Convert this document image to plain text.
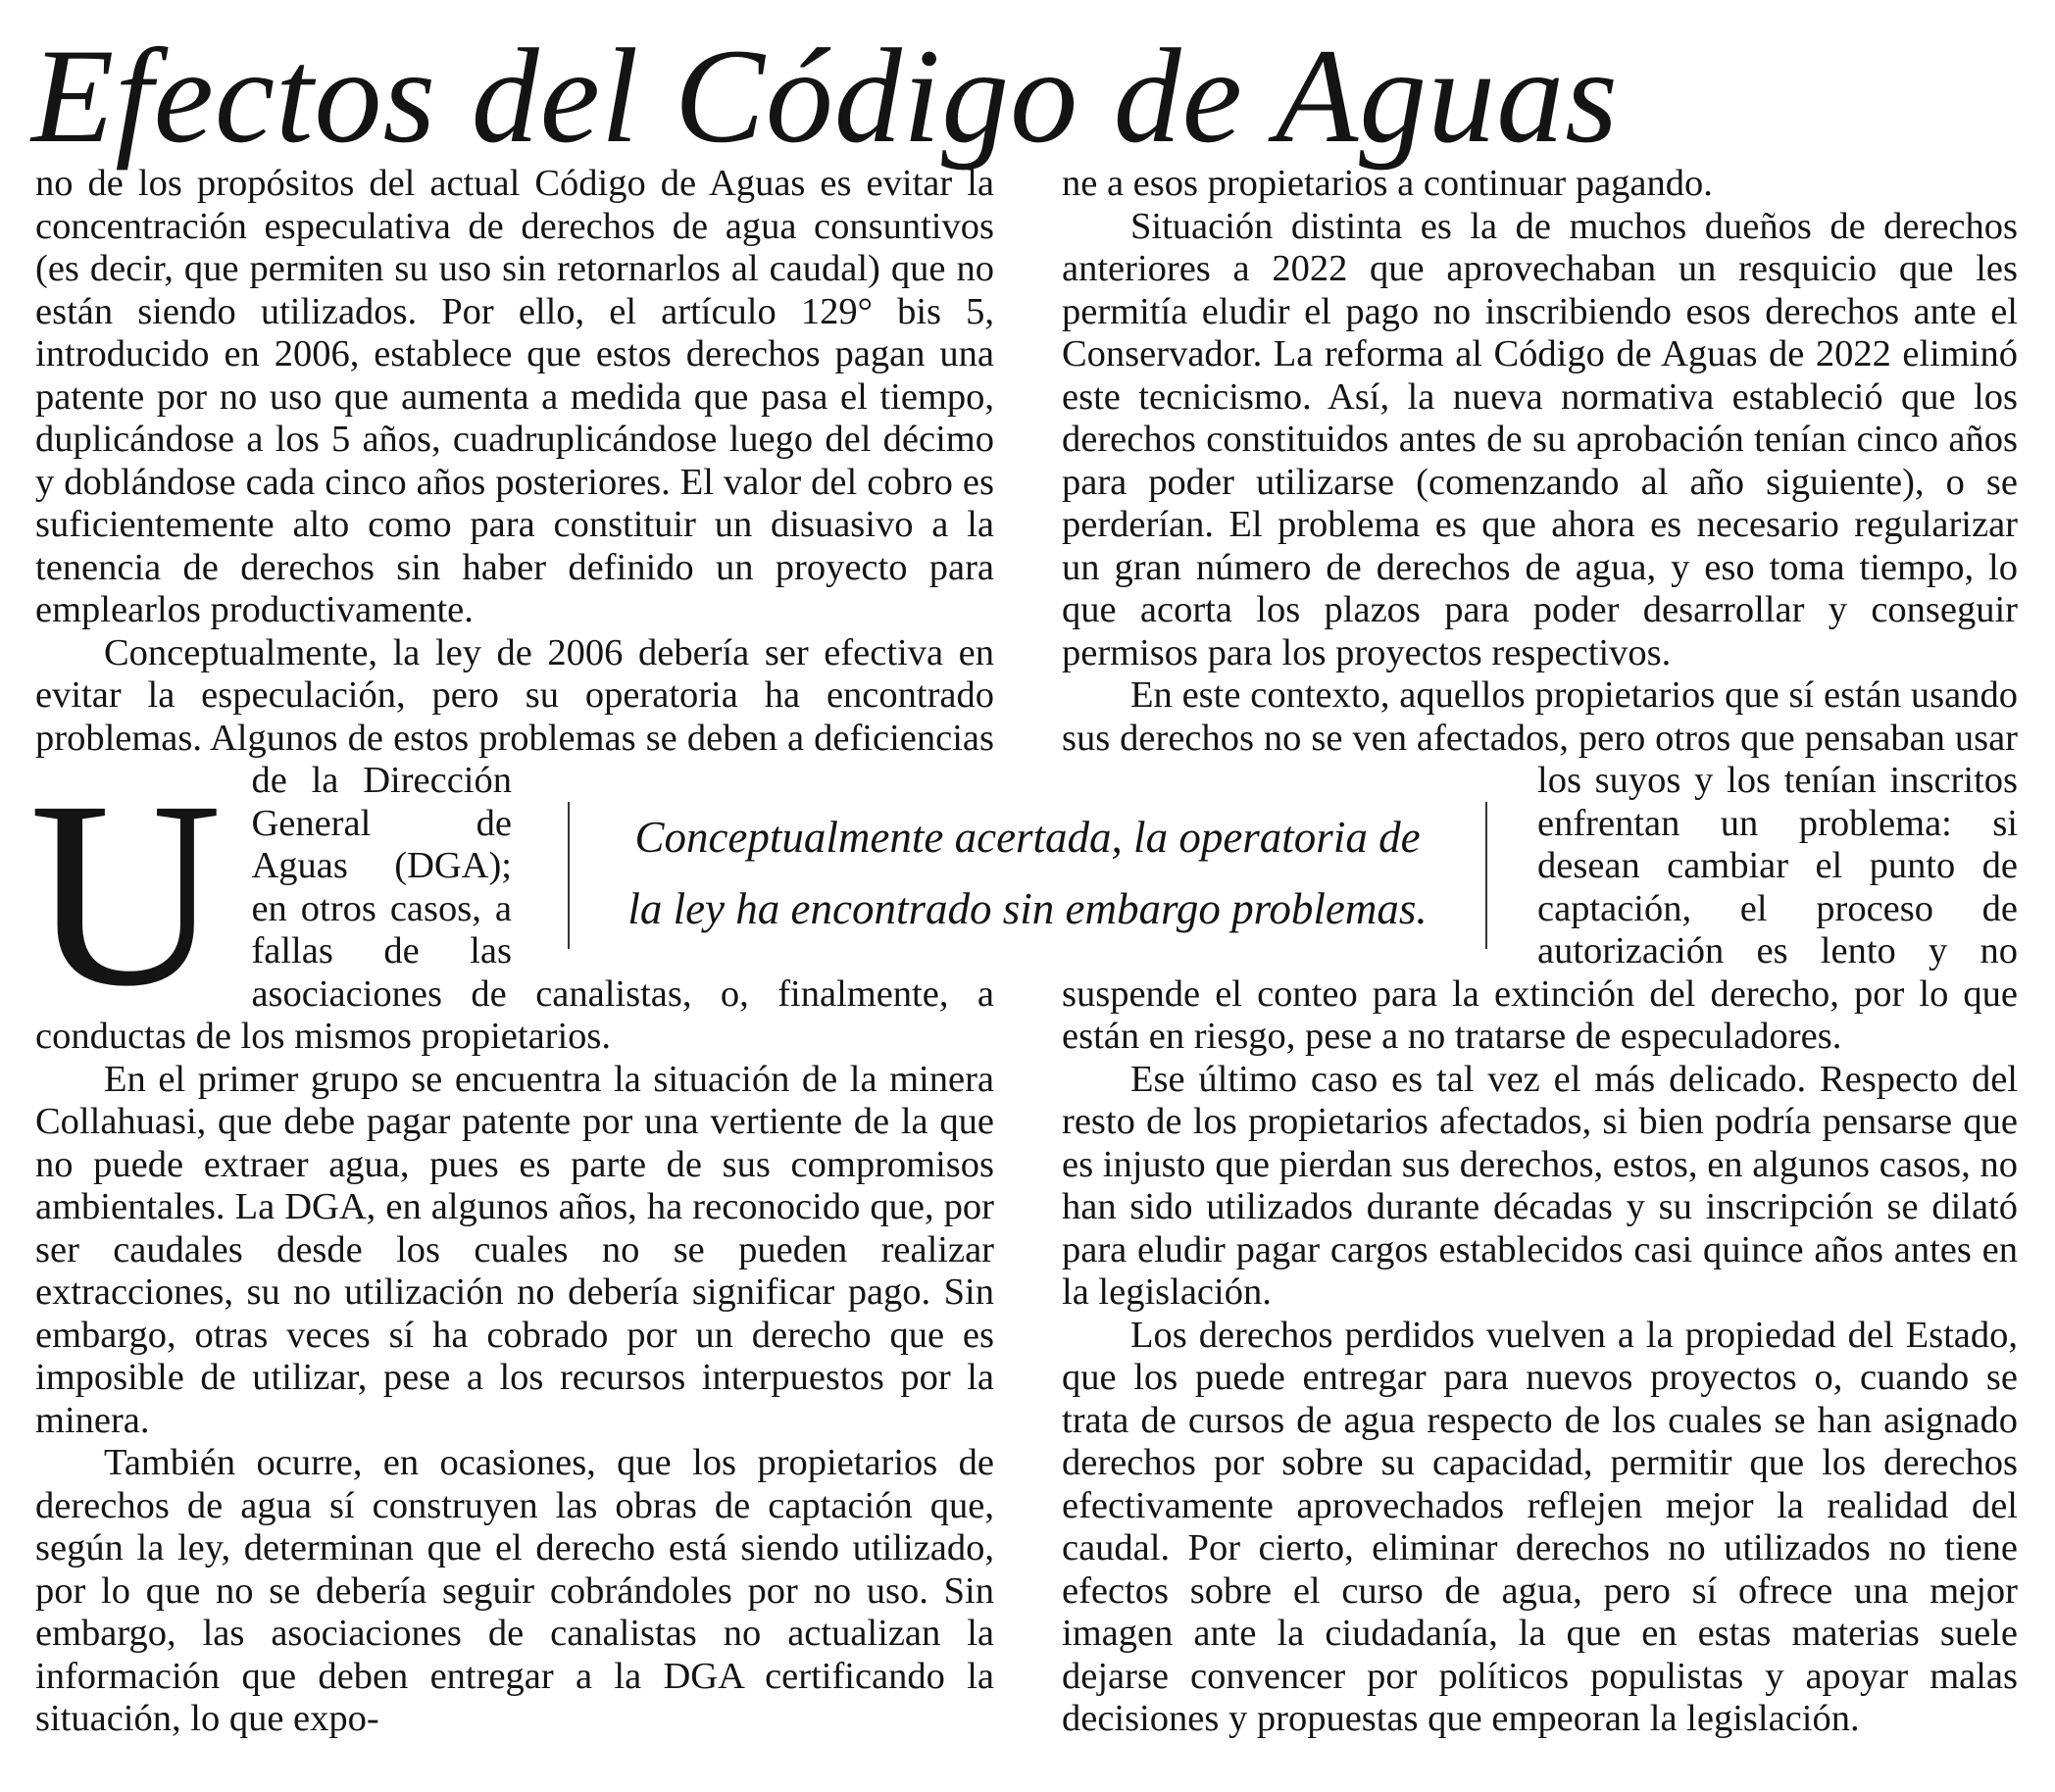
Efectos del Código de Aguas

U
no de los propósitos del actual Código de Aguas es evitar la concentración especulativa de derechos de agua consuntivos (es decir, que permiten su uso sin retornarlos al caudal) que no están siendo utilizados. Por ello, el artículo 129° bis 5, introducido en 2006, establece que estos derechos pagan una patente por no uso que aumenta a medida que pasa el tiempo, duplicándose a los 5 años, cuadruplicándose luego del décimo y doblándose cada cinco años posteriores. El valor del cobro es suficientemente alto como para constituir un disuasivo a la tenencia de derechos sin haber definido un proyecto para emplearlos productivamente.

Conceptualmente, la ley de 2006 debería ser efectiva en evitar la especulación, pero su operatoria ha encontrado problemas. Algunos de estos problemas se deben a deficiencias de la Dirección General de Aguas (DGA); en otros casos, a fallas de las asociaciones de canalistas, o, finalmente, a conductas de los mismos propietarios.

En el primer grupo se encuentra la situación de la minera Collahuasi, que debe pagar patente por una vertiente de la que no puede extraer agua, pues es parte de sus compromisos ambientales. La DGA, en algunos años, ha reconocido que, por ser caudales desde los cuales no se pueden realizar extracciones, su no utilización no debería significar pago. Sin embargo, otras veces sí ha cobrado por un derecho que es imposible de utilizar, pese a los recursos interpuestos por la minera.

También ocurre, en ocasiones, que los propietarios de derechos de agua sí construyen las obras de captación que, según la ley, determinan que el derecho está siendo utilizado, por lo que no se debería seguir cobrándoles por no uso. Sin embargo, las asociaciones de canalistas no actualizan la información que deben entregar a la DGA certificando la situación, lo que expo-

ne a esos propietarios a continuar pagando.

Situación distinta es la de muchos dueños de derechos anteriores a 2022 que aprovechaban un resquicio que les permitía eludir el pago no inscribiendo esos derechos ante el Conservador. La reforma al Código de Aguas de 2022 eliminó este tecnicismo. Así, la nueva normativa estableció que los derechos constituidos antes de su aprobación tenían cinco años para poder utilizarse (comenzando al año siguiente), o se perderían. El problema es que ahora es necesario regularizar un gran número de derechos de agua, y eso toma tiempo, lo que acorta los plazos para poder desarrollar y conseguir permisos para los proyectos respectivos.

En este contexto, aquellos propietarios que sí están usando sus derechos no se ven afectados, pero otros que pensaban usar los suyos y los tenían inscritos enfrentan un problema: si desean cambiar el punto de captación, el proceso de autorización es lento y no suspende el conteo para la extinción del derecho, por lo que están en riesgo, pese a no tratarse de especuladores.

Ese último caso es tal vez el más delicado. Respecto del resto de los propietarios afectados, si bien podría pensarse que es injusto que pierdan sus derechos, estos, en algunos casos, no han sido utilizados durante décadas y su inscripción se dilató para eludir pagar cargos establecidos casi quince años antes en la legislación.

Los derechos perdidos vuelven a la propiedad del Estado, que los puede entregar para nuevos proyectos o, cuando se trata de cursos de agua respecto de los cuales se han asignado derechos por sobre su capacidad, permitir que los derechos efectivamente aprovechados reflejen mejor la realidad del caudal. Por cierto, eliminar derechos no utilizados no tiene efectos sobre el curso de agua, pero sí ofrece una mejor imagen ante la ciudadanía, la que en estas materias suele dejarse convencer por políticos populistas y apoyar malas decisiones y propuestas que empeoran la legislación.

Conceptualmente acertada, la operatoria de
la ley ha encontrado sin embargo problemas.
